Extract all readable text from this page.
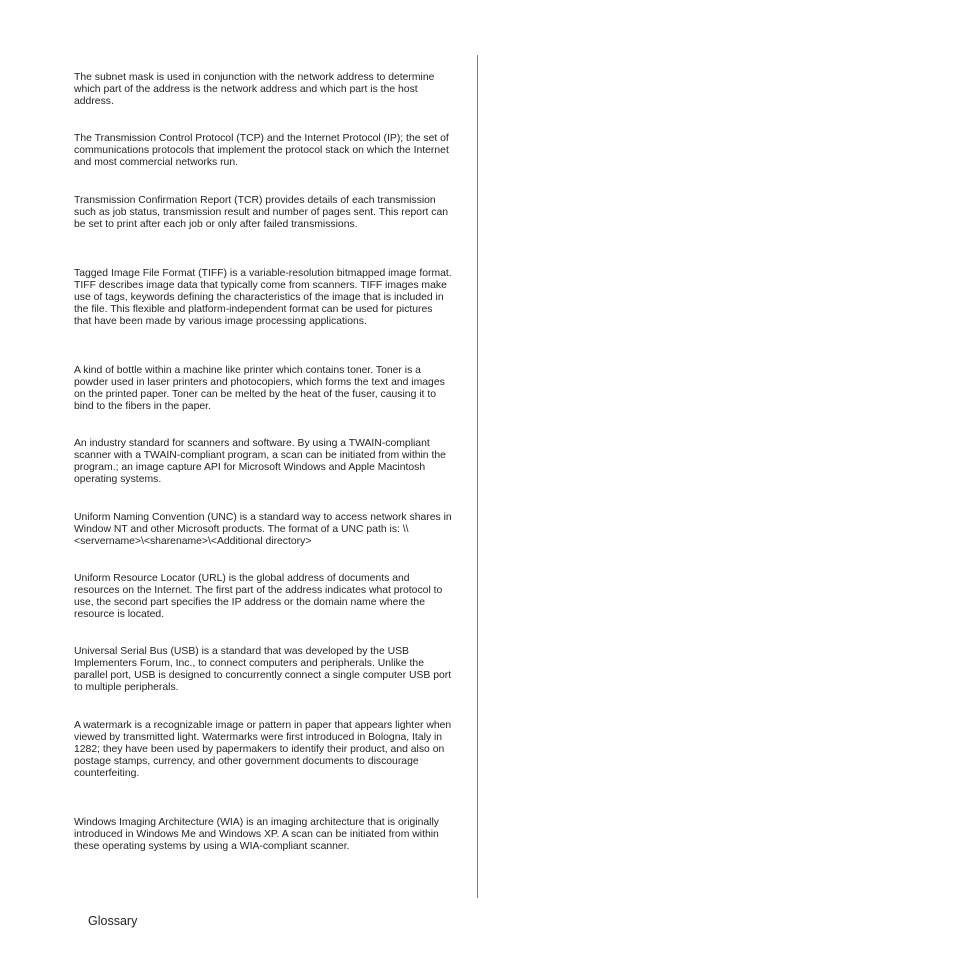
The subnet mask is used in conjunction with the network address to determine which part of the address is the network address and which part is the host address.

The Transmission Control Protocol (TCP) and the Internet Protocol (IP); the set of communications protocols that implement the protocol stack on which the Internet and most commercial networks run.

Transmission Confirmation Report (TCR) provides details of each transmission such as job status, transmission result and number of pages sent. This report can be set to print after each job or only after failed transmissions.

Tagged Image File Format (TIFF) is a variable-resolution bitmapped image format. TIFF describes image data that typically come from scanners. TIFF images make use of tags, keywords defining the characteristics of the image that is included in the file. This flexible and platform-independent format can be used for pictures that have been made by various image processing applications.

A kind of bottle within a machine like printer which contains toner. Toner is a powder used in laser printers and photocopiers, which forms the text and images on the printed paper. Toner can be melted by the heat of the fuser, causing it to bind to the fibers in the paper.

An industry standard for scanners and software. By using a TWAIN-compliant scanner with a TWAIN-compliant program, a scan can be initiated from within the program.; an image capture API for Microsoft Windows and Apple Macintosh operating systems.

Uniform Naming Convention (UNC) is a standard way to access network shares in Window NT and other Microsoft products. The format of a UNC path is: \\<servername>\<sharename>\<Additional directory>

Uniform Resource Locator (URL) is the global address of documents and resources on the Internet. The first part of the address indicates what protocol to use, the second part specifies the IP address or the domain name where the resource is located.

Universal Serial Bus (USB) is a standard that was developed by the USB Implementers Forum, Inc., to connect computers and peripherals. Unlike the parallel port, USB is designed to concurrently connect a single computer USB port to multiple peripherals.

A watermark is a recognizable image or pattern in paper that appears lighter when viewed by transmitted light. Watermarks were first introduced in Bologna, Italy in 1282; they have been used by papermakers to identify their product, and also on postage stamps, currency, and other government documents to discourage counterfeiting.

Windows Imaging Architecture (WIA) is an imaging architecture that is originally introduced in Windows Me and Windows XP. A scan can be initiated from within these operating systems by using a WIA-compliant scanner.

Glossary
